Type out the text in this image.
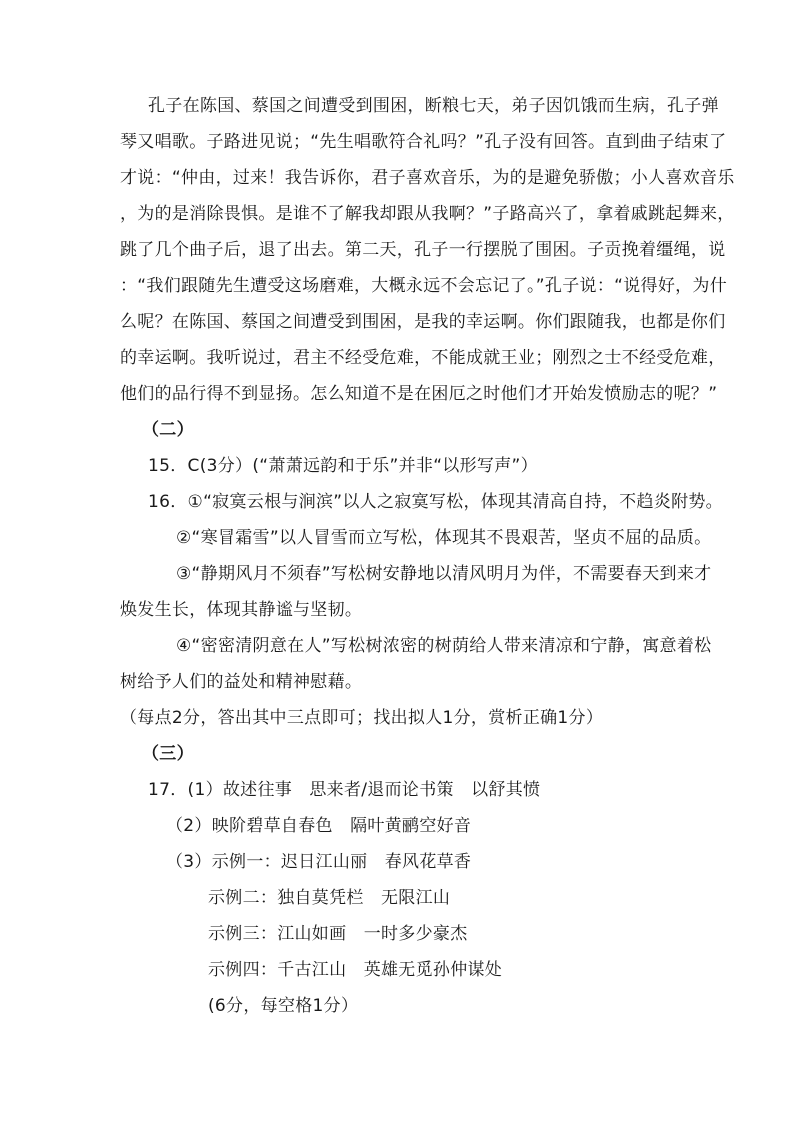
孔子在陈国、蔡国之间遭受到围困，断粮七天，弟子因饥饿而生病，孔子弹
琴又唱歌。子路进见说；“先生唱歌符合礼吗？”孔子没有回答。直到曲子结束了
才说：“仲由，过来！我告诉你，君子喜欢音乐，为的是避免骄傲；小人喜欢音乐
，为的是消除畏惧。是谁不了解我却跟从我啊？”子路高兴了，拿着戚跳起舞来，
跳了几个曲子后，退了出去。第二天，孔子一行摆脱了围困。子贡挽着缰绳，说
：“我们跟随先生遭受这场磨难，大概永远不会忘记了。”孔子说：“说得好，为什
么呢？在陈国、蔡国之间遭受到围困，是我的幸运啊。你们跟随我，也都是你们
的幸运啊。我听说过，君主不经受危难，不能成就王业；刚烈之士不经受危难，
他们的品行得不到显扬。怎么知道不是在困厄之时他们才开始发愤励志的呢？”
（二）
15．C(3分）(“萧萧远韵和于乐”并非“以形写声”）
16．①“寂寞云根与涧滨”以人之寂寞写松，体现其清高自持，不趋炎附势。
②“寒冒霜雪”以人冒雪而立写松，体现其不畏艰苦，坚贞不屈的品质。
③“静期风月不须春”写松树安静地以清风明月为伴，不需要春天到来才
焕发生长，体现其静谧与坚韧。
④“密密清阴意在人”写松树浓密的树荫给人带来清凉和宁静，寓意着松
树给予人们的益处和精神慰藉。
（每点2分，答出其中三点即可；找出拟人1分，赏析正确1分）
（三）
17．(1）故述往事　思来者/退而论书策　以舒其愤
（2）映阶碧草自春色　隔叶黄鹂空好音
（3）示例一：迟日江山丽　春风花草香
示例二：独自莫凭栏　无限江山
示例三：江山如画　一时多少豪杰
示例四：千古江山　英雄无觅孙仲谋处
(6分，每空格1分）
